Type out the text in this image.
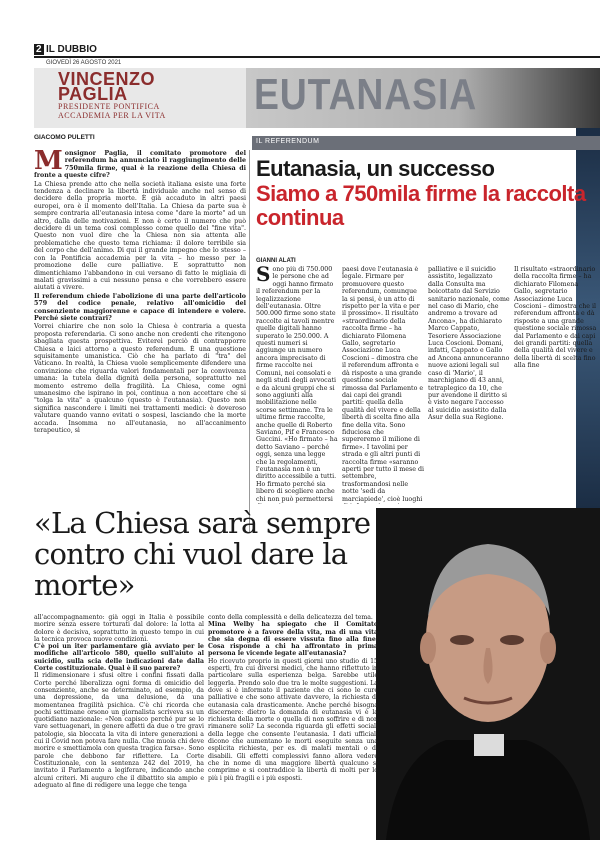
2 IL DUBBIO
GIOVEDÌ 26 AGOSTO 2021
VINCENZO
PAGLIA
PRESIDENTE PONTIFICA
ACCADEMIA PER LA VITA EUTANASIA
GIACOMO PULETTI

Monsignor Paglia, il comitato promotore del referendum ha annunciato il raggiungimento delle 750mila firme, qual è la reazione della Chiesa di fronte a queste cifre?

La Chiesa prende atto che nella società italiana esiste una forte tendenza a declinare la libertà individuale anche nel senso di decidere della propria morte. È già accaduto in altri paesi europei, ora è il momento dell'Italia. La Chiesa da parte sua è sempre contraria all'eutanasia intesa come "dare la morte" ad un altro, dalla delle motivazioni. E non è certo il numero che può decidere di un tema così complesso come quello del "fine vita". Questo non vuol dire che la Chiesa non sia attenta alle problematiche che questo tema richiama: il dolore terribile sia del corpo che dell'animo. Di qui il grande impegno che lo stesso – con la Pontificia accademia per la vita – ho messo per la promozione delle cure palliative. E soprattutto non dimentichiamo l'abbandono in cui versano di fatto le migliaia di malati gravissimi a cui nessuno pensa e che vorrebbero essere aiutati a vivere.

Il referendum chiede l'abolizione di una parte dell'articolo 579 del codice penale, relativo all'omicidio del consenziente maggiorenne e capace di intendere e volere. Perché siete contrari?

Vorrei chiarire che non solo la Chiesa è contraria a questa proposta referendaria. Ci sono anche non credenti che ritengono sbagliata questa prospettiva. Evitereì perciò di contrapporre Chiesa e laici attorno a questo referendum. È una questione squisitamente umanistica. Ciò che ha parlato di "tra" del Vaticano. In realtà, la Chiesa vuole semplicemente difendere una convinzione che riguarda valori fondamentali per la convivenza umana: la tutela della dignità della persona, soprattutto nel momento estremo della fragilità. La Chiesa, come ogni umanesimo che ispirano in poi, continua a non accettare che si "tolga la vita" a qualcuno (questo è l'eutanasia). Questo non significa nascondere i limiti nei trattamenti medici: è doveroso valutare quando vanno evitati o sospesi, lasciando che la morte accada. Insomma no all'eutanasia, no all'accanimento terapeutico, sì

IL REFERENDUM
Eutanasia, un successo
Siamo a 750mila firme la raccolta continua
GIANNI ALATI
Sono più di 750.000 le persone che ad oggi hanno firmato il referendum per la legalizzazione dell'eutanasia. Oltre 500.000 firme sono state raccolte ai tavoli mentre quelle digitali hanno superato le 250.000. A questi numeri si aggiunge un numero ancora imprecisato di firme raccolte nei Comuni, nei consolati e negli studi degli avvocati e da alcuni gruppi che si sono aggiunti alla mobilitazione nelle scorse settimane. Tra le ultime firme raccolte, anche quelle di Roberto Saviano, Pif e Francesco Guccini. «Ho firmato – ha detto Saviano – perché oggi, senza una legge che la regolamenti, l'eutanasia non è un diritto accessibile a tutti. Ho firmato perché sia libero di scegliere anche chi non può permettersi
paesi dove l'eutanasia è legale. Firmare per promuovere questo referendum, comunque la si pensi, è un atto di rispetto per la vita e per il prossimo». Il risultato «straordinario della raccolta firme – ha dichiarato Filomena Gallo, segretario Associazione Luca Coscioni – dimostra che il referendum affronta e dà risposte a una grande questione sociale rimossa dal Parlamento e dai capi dei grandi partiti: quella della qualità del vivere e della libertà di scelta fino alla fine della vita. Sono fiduciosa che supereremo il milione di firme». I tavolini per strada e gli altri punti di raccolta firme «saranno aperti per tutto il mese di settembre, trasformandosi nelle notte 'sedi da marciapiede', cioè luoghi
palliative e il suicidio assistito, legalizzato dalla Consulta ma boicottato dal Servizio sanitario nazionale, come nel caso di Mario, che andremo a trovare ad Ancona», ha dichiarato Marco Cappato, Tesoriere Associazione Luca Coscioni. Domani, infatti, Cappato e Gallo ad Ancona annunceranno nuove azioni legali sul caso di 'Mario', il marchigiano di 43 anni, tetraplegico da 10, che pur avendone il diritto si è visto negare l'accesso al suicidio assistito dalla Asur della sua Regione.
Il risultato «straordinario della raccolta firme – ha dichiarato Filomena Gallo, segretario Associazione Luca Coscioni – dimostra che il referendum affronta e dà risposte a una grande questione sociale rimossa dal Parlamento e dai capi dei grandi partiti: quella della qualità del vivere e della libertà di scelta fino alla fine
«La Chiesa sarà sempre contro chi vuol dare la morte»

all'accompagnamento: già oggi in Italia è possibile morire senza essere torturati dal dolore: la lotta al dolore è decisiva, soprattutto in questo tempo in cui la tecnica provoca nuove condizioni.

C'è poi un iter parlamentare già avviato per le modifiche all'articolo 580, quello sull'aiuto al suicidio, sulla scia delle indicazioni date dalla Corte costituzionale. Qual è il suo parere?

Il ridimensionare i sfusi oltre i confini fissati dalla Corte perché liberalizza ogni forma di omicidio del consenziente, anche se determinato, ad esempio, da una depressione, da una delusione, da una momentanea fragilità psichica. C'è chi ricorda che pochi settimane orsono un giornalista scriveva su un quotidiano nazionale: «Non capisco perché pur se lo vare settuagenari, in genere affetti da due o tre gravi patologie, sia bloccata la vita di intere generazioni a cui il Covid non poteva fare nulla. Che muoia chi deve morire e smettiamola con questa tragica farsa». Sono parole che debbono far riflettere. La Corte Costituzionale, con la sentenza 242 del 2019, ha invitato il Parlamento a legiferare, indicando anche alcuni criteri. Mi auguro che il dibattito sia ampio e adeguato al fine di redigere una legge che tenga

conto della complessità e della delicatezza del tema.

Mina Welby ha spiegato che il Comitato promotore è a favore della vita, ma di una vita che sia degna di essere vissuta fino alla fine. Cosa risponde a chi ha affrontato in prima persona le vicende legate all'eutanasia?

Ho ricevuto proprio in questi giorni uno studio di 15 esperti, fra cui diversi medici, che hanno riflettuto in particolare sulla esperienza belga. Sarebbe utile leggerla. Prendo solo due tra le molte suggestioni. La dove si è informato il paziente che ci sono le cure palliative e che sono attivate davvero, la richiesta di eutanasia cala drasticamente. Anche perché bisogna discernere: dietro la domanda di eutanasia vi è la richiesta della morte o quella di non soffrire e di non rimanere soli? La seconda riguarda gli effetti sociali della legge che consente l'eutanasia. I dati ufficiali dicono che aumentano le morti eseguite senza una esplicita richiesta, per es. di malati mentali o di disabili. Gli effetti complessivi fanno allora vedere che in nome di una maggiore libertà qualcuno si comprime e si contraddice la libertà di molti per lo più i più fragili e i più esposti.
